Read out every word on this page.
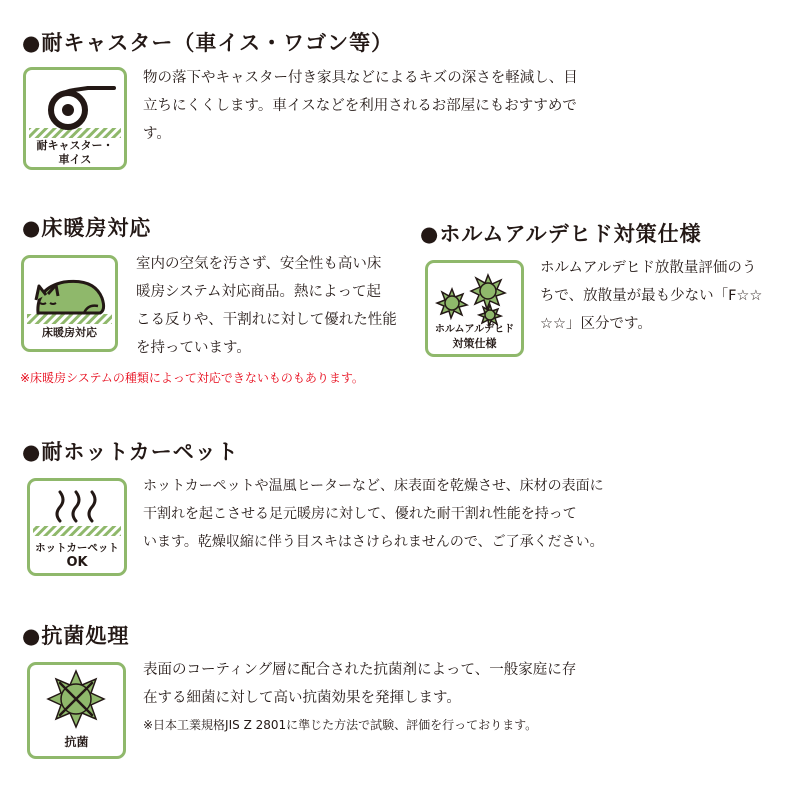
●耐キャスター（車イス・ワゴン等）
耐キャスター・
車イス

物の落下やキャスター付き家具などによるキズの深さを軽減し、目

立ちにくくします。車イスなどを利用されるお部屋にもおすすめで

す。

●床暖房対応
床暖房対応

室内の空気を汚さず、安全性も高い床

暖房システム対応商品。熱によって起

こる反りや、干割れに対して優れた性能

を持っています。

※床暖房システムの種類によって対応できないものもあります。

●ホルムアルデヒド対策仕様
ホルムアルデヒド
対策仕様

ホルムアルデヒド放散量評価のう

ちで、放散量が最も少ない「F☆☆

☆☆」区分です。

●耐ホットカーペット
ホットカーペット
OK

ホットカーペットや温風ヒーターなど、床表面を乾燥させ、床材の表面に

干割れを起こさせる足元暖房に対して、優れた耐干割れ性能を持って

います。乾燥収縮に伴う目スキはさけられませんので、ご了承ください。

●抗菌処理
抗菌

表面のコーティング層に配合された抗菌剤によって、一般家庭に存

在する細菌に対して高い抗菌効果を発揮します。

※日本工業規格JIS Z 2801に準じた方法で試験、評価を行っております。
